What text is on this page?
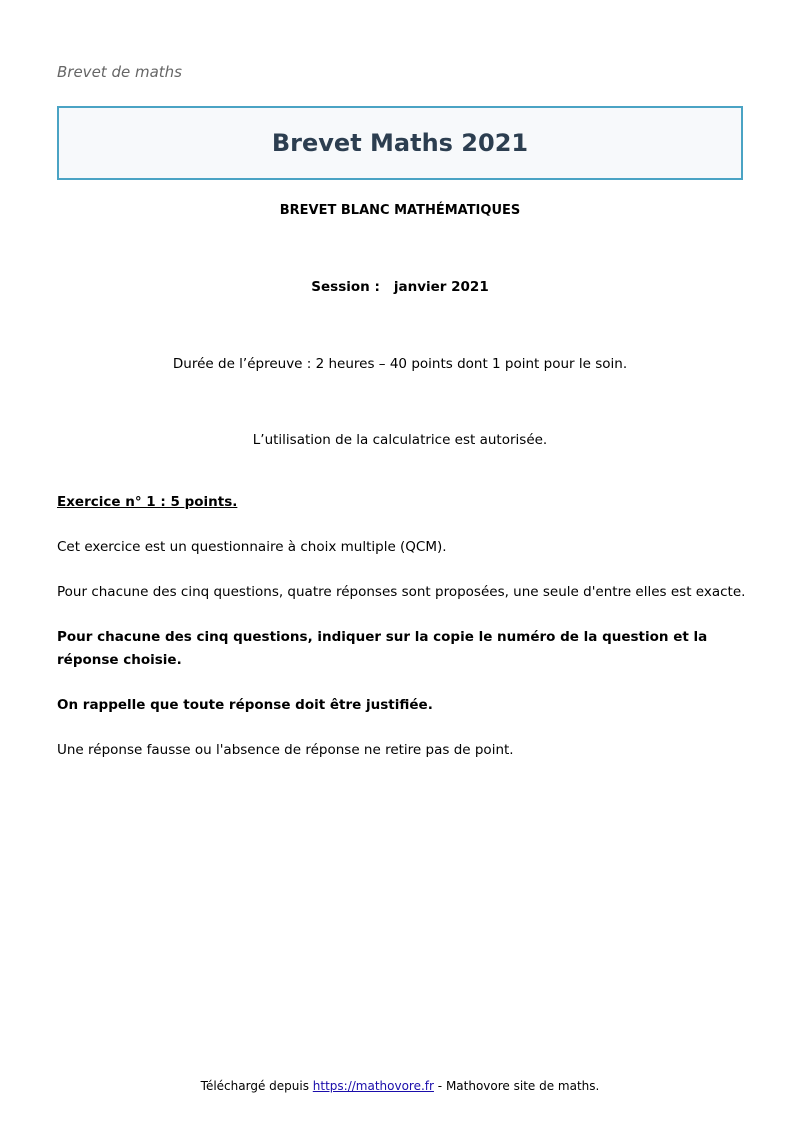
Brevet de maths
Brevet Maths 2021
BREVET BLANC MATHÉMATIQUES
Session : janvier 2021
Durée de l’épreuve : 2 heures – 40 points dont 1 point pour le soin.
L’utilisation de la calculatrice est autorisée.

Exercice n° 1 : 5 points.

Cet exercice est un questionnaire à choix multiple (QCM).

Pour chacune des cinq questions, quatre réponses sont proposées, une seule d'entre elles est exacte.

Pour chacune des cinq questions, indiquer sur la copie le numéro de la question et la réponse choisie.

On rappelle que toute réponse doit être justifiée.

Une réponse fausse ou l'absence de réponse ne retire pas de point.

Téléchargé depuis https://mathovore.fr - Mathovore site de maths.
